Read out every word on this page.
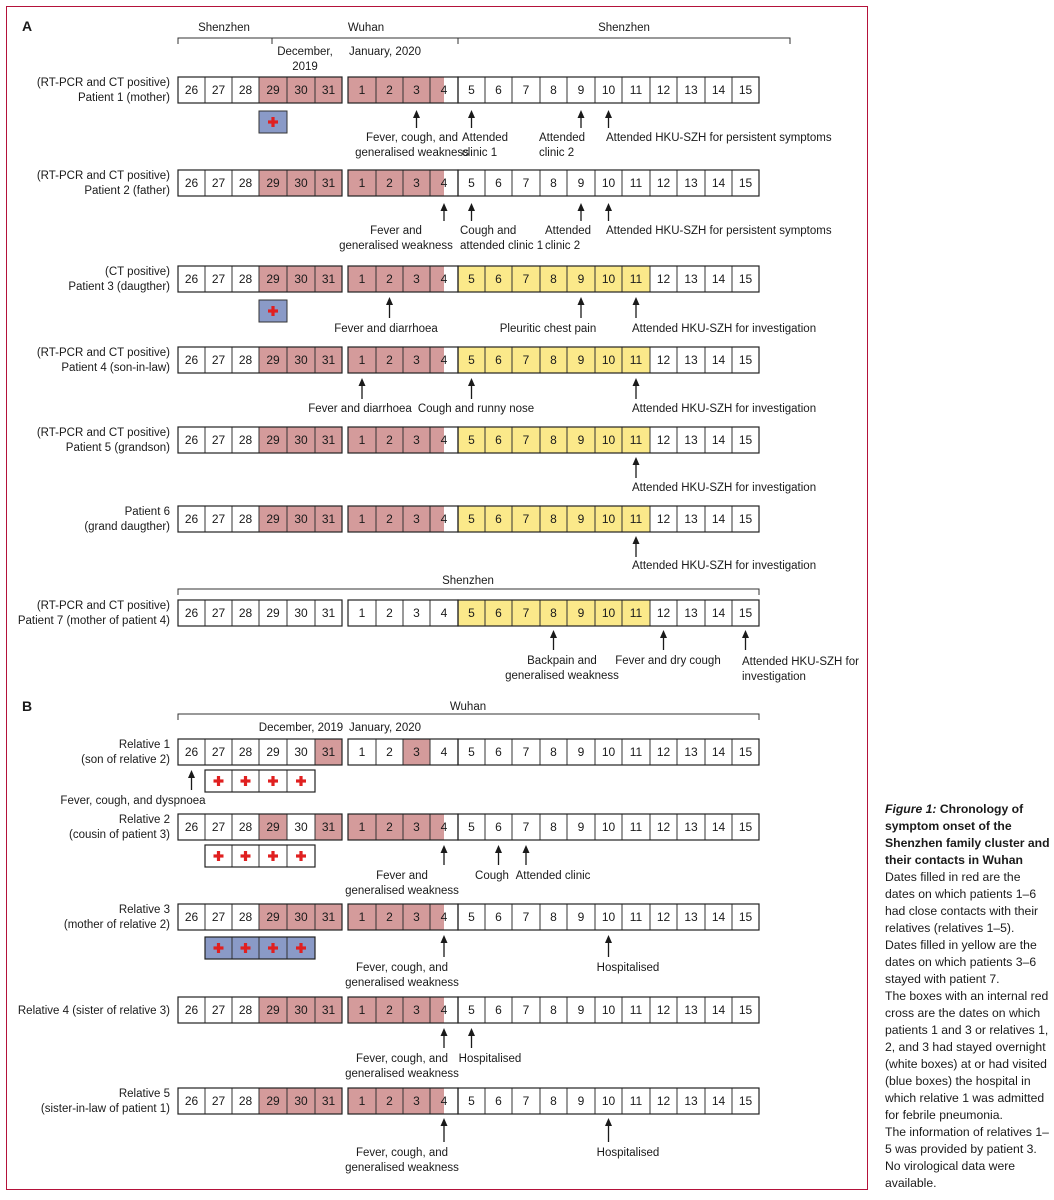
A	Shenzhen	Wuhan	Shenzhen
December,
2019
January, 2020
(RT-PCR and CT positive)
Patient 1 (mother)
26 27 28 29 30 31 1 2 3 4 5 6 7 8 9 10 11 12 13 14 15
(RT-PCR and CT positive)
Patient 2 (father)
26 27 28 29 30 31 1 2 3 4 5 6 7 8 9 10 11 12 13 14 15
(CT positive)
Patient 3 (daugther)
26 27 28 29 30 31 1 2 3 4 5 6 7 8 9 10 11 12 13 14 15
(RT-PCR and CT positive)
Patient 4 (son-in-law)
26 27 28 29 30 31 1 2 3 4 5 6 7 8 9 10 11 12 13 14 15
(RT-PCR and CT positive)
Patient 5 (grandson)
26 27 28 29 30 31 1 2 3 4 5 6 7 8 9 10 11 12 13 14 15
Patient 6
(grand daugther)
26 27 28 29 30 31 1 2 3 4 5 6 7 8 9 10 11 12 13 14 15
(RT-PCR and CT positive)
Patient 7 (mother of patient 4)
26 27 28 29 30 31 1 2 3 4 5 6 7 8 9 10 11 12 13 14 15
Fever, cough, and
generalised weakness
Attended
clinic 1
Attended
clinic 2
Attended HKU-SZH for persistent symptoms
Fever and
generalised weakness
Cough and
attended clinic 1
Attended
clinic 2
Attended HKU-SZH for persistent symptoms
Fever and diarrhoea	Pleuritic chest pain	Attended HKU-SZH for investigation
Fever and diarrhoea Cough and runny nose	Attended HKU-SZH for investigation
Attended HKU-SZH for investigation
Attended HKU-SZH for investigation
Shenzhen
Backpain and
generalised weakness
Fever and dry cough Attended HKU-SZH for
investigation
B	Wuhan
December, 2019 January, 2020
Relative 1
(son of relative 2)
26 27 28 29 30 31 1 2 3 4 5 6 7 8 9 10 11 12 13 14 15
Relative 2
(cousin of patient 3)
26 27 28 29 30 31 1 2 3 4 5 6 7 8 9 10 11 12 13 14 15
Relative 3
(mother of relative 2)
26 27 28 29 30 31 1 2 3 4 5 6 7 8 9 10 11 12 13 14 15
Relative 4 (sister of relative 3) 26 27 28 29 30 31 1 2 3 4 5 6 7 8 9 10 11 12 13 14 15
Relative 5
(sister-in-law of patient 1)
26 27 28 29 30 31 1 2 3 4 5 6 7 8 9 10 11 12 13 14 15
Fever, cough, and dyspnoea
Fever and
generalised weakness
Cough Attended clinic
Fever, cough, and
generalised weakness
Hospitalised
Fever, cough, and
generalised weakness
Hospitalised
Fever, cough, and
generalised weakness
Hospitalised

Figure 1: Chronology of symptom onset of the Shenzhen family cluster and their contacts in Wuhan

Dates filled in red are the dates on which patients 1–6 had close contacts with their relatives (relatives 1–5).

Dates filled in yellow are the dates on which patients 3–6 stayed with patient 7.

The boxes with an internal red cross are the dates on which patients 1 and 3 or relatives 1, 2, and 3 had stayed overnight (white boxes) at or had visited (blue boxes) the hospital in which relative 1 was admitted for febrile pneumonia.

The information of relatives 1–5 was provided by patient 3. No virological data were available.
